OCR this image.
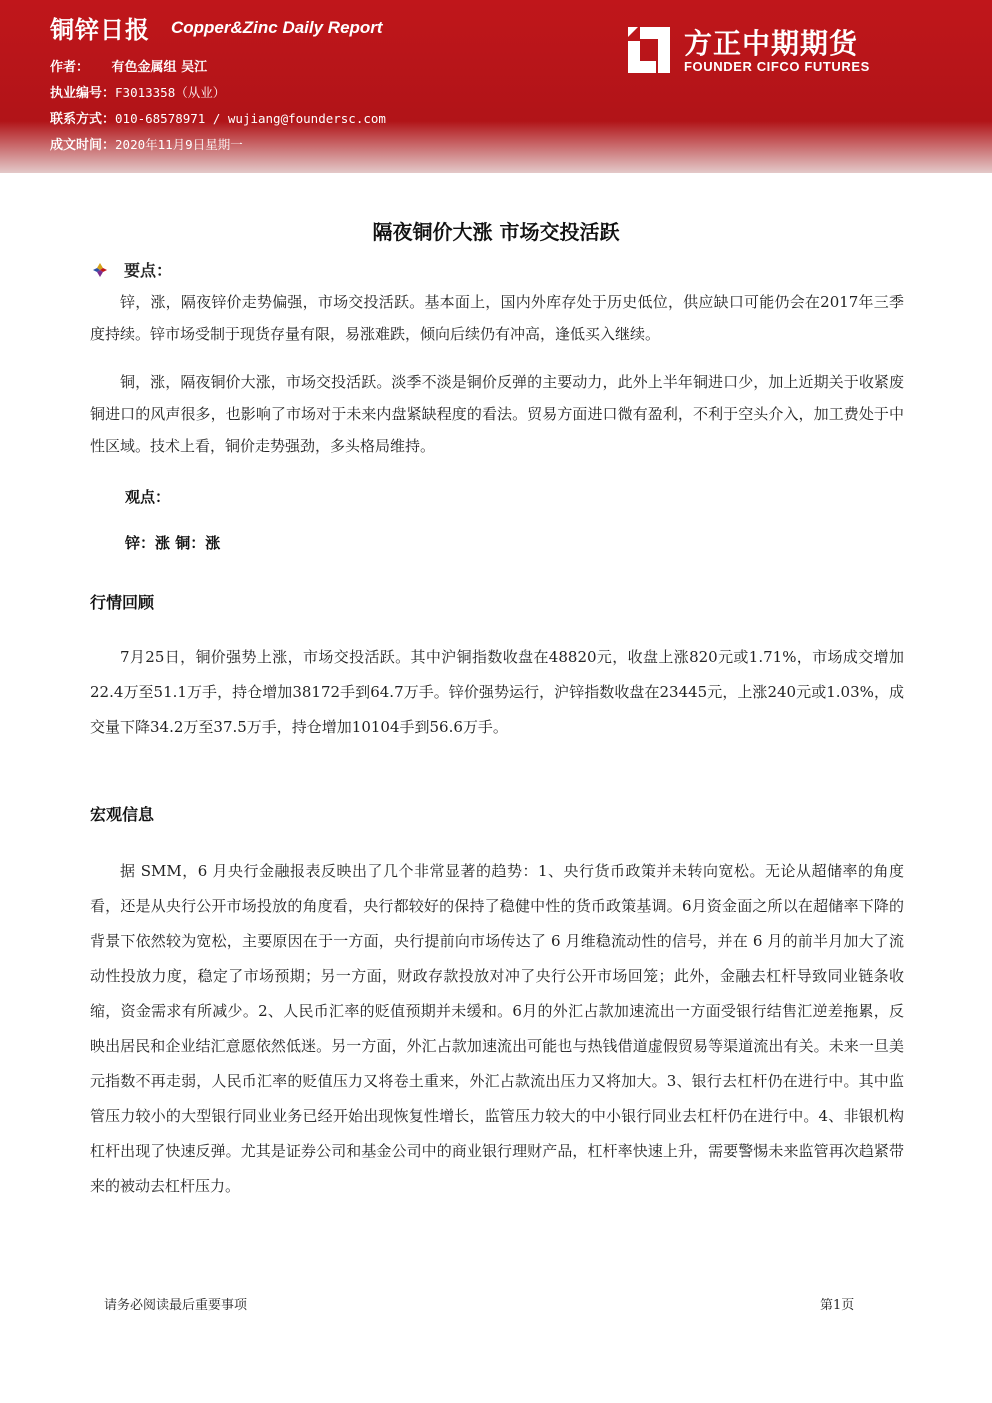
铜锌日报 Copper&Zinc Daily Report
作者： 有色金属组 吴江
执业编号：F3013358（从业）
联系方式：010-68578971 / wujiang@foundersc.com
成文时间：2020年11月9日星期一
方正中期期货
FOUNDER CIFCO FUTURES
隔夜铜价大涨 市场交投活跃
要点：
锌，涨，隔夜锌价走势偏强，市场交投活跃。基本面上，国内外库存处于历史低位，供应缺口可能仍会在2017年三季度持续。锌市场受制于现货存量有限，易涨难跌，倾向后续仍有冲高，逢低买入继续。
铜，涨，隔夜铜价大涨，市场交投活跃。淡季不淡是铜价反弹的主要动力，此外上半年铜进口少，加上近期关于收紧废铜进口的风声很多，也影响了市场对于未来内盘紧缺程度的看法。贸易方面进口微有盈利，不利于空头介入，加工费处于中性区域。技术上看，铜价走势强劲，多头格局维持。
观点：
锌：涨 铜：涨
行情回顾
7月25日，铜价强势上涨，市场交投活跃。其中沪铜指数收盘在48820元，收盘上涨820元或1.71%，市场成交增加22.4万至51.1万手，持仓增加38172手到64.7万手。锌价强势运行，沪锌指数收盘在23445元，上涨240元或1.03%，成交量下降34.2万至37.5万手，持仓增加10104手到56.6万手。
宏观信息
据 SMM，6 月央行金融报表反映出了几个非常显著的趋势：1、央行货币政策并未转向宽松。无论从超储率的角度看，还是从央行公开市场投放的角度看，央行都较好的保持了稳健中性的货币政策基调。6月资金面之所以在超储率下降的背景下依然较为宽松，主要原因在于一方面，央行提前向市场传达了 6 月维稳流动性的信号，并在 6 月的前半月加大了流动性投放力度，稳定了市场预期；另一方面，财政存款投放对冲了央行公开市场回笼；此外，金融去杠杆导致同业链条收缩，资金需求有所减少。2、人民币汇率的贬值预期并未缓和。6月的外汇占款加速流出一方面受银行结售汇逆差拖累，反映出居民和企业结汇意愿依然低迷。另一方面，外汇占款加速流出可能也与热钱借道虚假贸易等渠道流出有关。未来一旦美元指数不再走弱，人民币汇率的贬值压力又将卷土重来，外汇占款流出压力又将加大。3、银行去杠杆仍在进行中。其中监管压力较小的大型银行同业业务已经开始出现恢复性增长，监管压力较大的中小银行同业去杠杆仍在进行中。4、非银机构杠杆出现了快速反弹。尤其是证券公司和基金公司中的商业银行理财产品，杠杆率快速上升，需要警惕未来监管再次趋紧带来的被动去杠杆压力。
请务必阅读最后重要事项	第1页
